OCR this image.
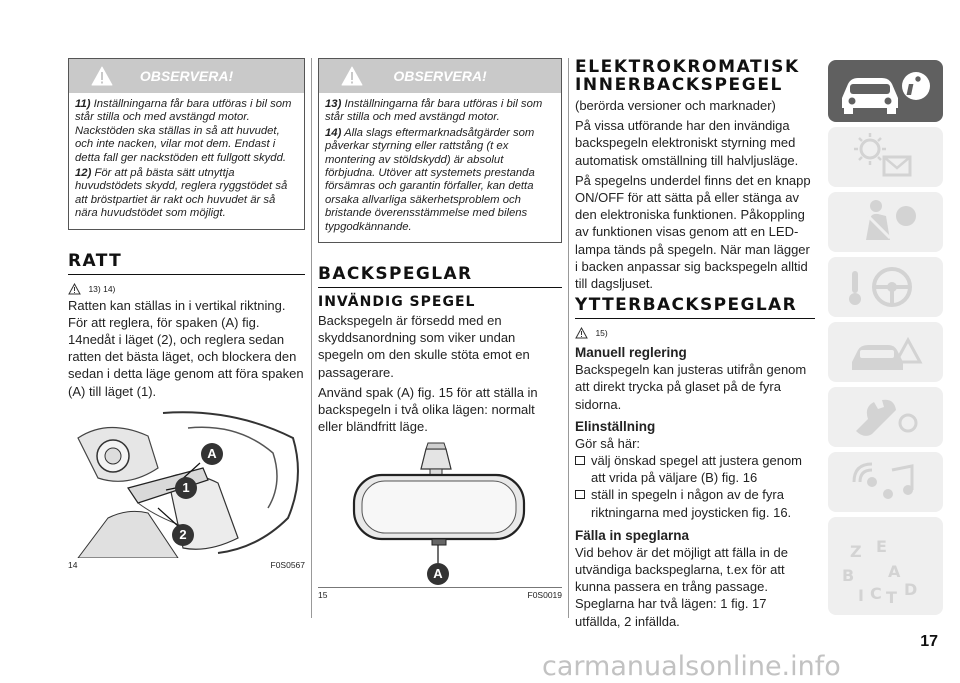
OBSERVERA!

11) Inställningarna får bara utföras i bil som står stilla och med avstängd motor. Nackstöden ska ställas in så att huvudet, och inte nacken, vilar mot dem. Endast i detta fall ger nackstöden ett fullgott skydd.

12) För att på bästa sätt utnyttja huvudstödets skydd, reglera ryggstödet så att bröstpartiet är rakt och huvudet är så nära huvudstödet som möjligt.

RATT
13) 14)
Ratten kan ställas in i vertikal riktning. För att reglera, för spaken (A) fig. 14nedåt i läget (2), och reglera sedan ratten det bästa läget, och blockera den sedan i detta läge genom att föra spaken (A) till läget (1).
A
1
2
14	F0S0567
OBSERVERA!

13) Inställningarna får bara utföras i bil som står stilla och med avstängd motor.

14) Alla slags eftermarknadsåtgärder som påverkar styrning eller rattstång (t ex montering av stöldskydd) är absolut förbjudna. Utöver att systemets prestanda försämras och garantin förfaller, kan detta orsaka allvarliga säkerhetsproblem och bristande överensstämmelse med bilens typgodkännande.

BACKSPEGLAR
INVÄNDIG SPEGEL

Backspegeln är försedd med en skyddsanordning som viker undan spegeln om den skulle stöta emot en passagerare.

Använd spak (A) fig. 15 för att ställa in backspegeln i två olika lägen: normalt eller bländfritt läge.

A
15	F0S0019
ELEKTROKROMATISK INNERBACKSPEGEL

(berörda versioner och marknader)

På vissa utförande har den invändiga backspegeln elektroniskt styrning med automatisk omställning till halvljusläge.

På spegelns underdel finns det en knapp ON/OFF för att sätta på eller stänga av den elektroniska funktionen. Påkoppling av funktionen visas genom att en LED-lampa tänds på spegeln. När man lägger i backen anpassar sig backspegeln alltid till dagsljuset.

YTTERBACKSPEGLAR
15)
Manuell reglering
Backspegeln kan justeras utifrån genom att direkt trycka på glaset på de fyra sidorna.
Elinställning
Gör så här:
välj önskad spegel att justera genom att vrida på väljare (B) fig. 16
ställ in spegeln i någon av de fyra riktningarna med joysticken fig. 16.
Fälla in speglarna
Vid behov är det möjligt att fälla in de utvändiga backspeglarna, t.ex för att kunna passera en trång passage. Speglarna har två lägen: 1 fig. 17 utfällda, 2 infällda.
Z E
B A
I C T D
17
carmanualsonline.info
